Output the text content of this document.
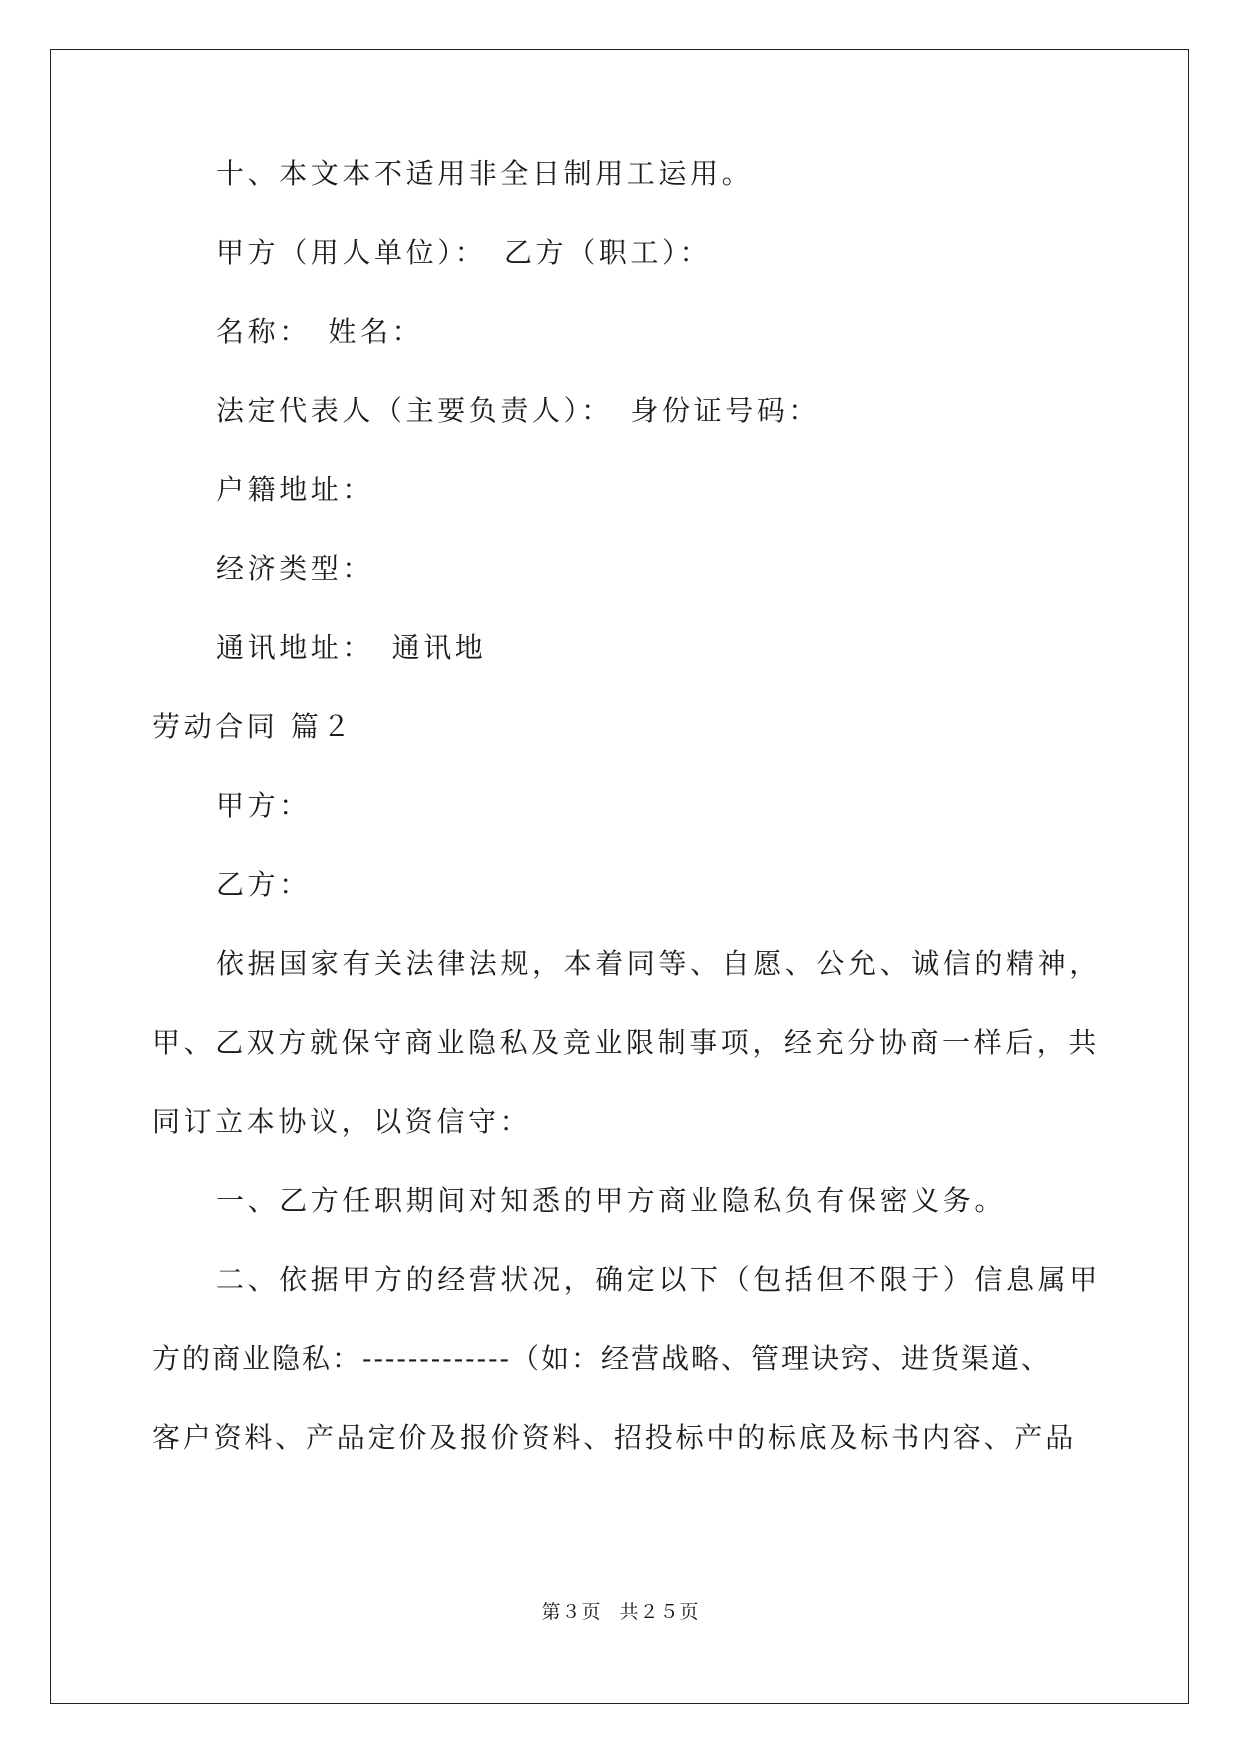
十、本文本不适用非全日制用工运用。
甲方（用人单位）：　乙方（职工）：
名称：　姓名：
法定代表人（主要负责人）：　身份证号码：
户籍地址：
经济类型：
通讯地址：　通讯地
劳动合同 篇２
甲方：
乙方：
依据国家有关法律法规，本着同等、自愿、公允、诚信的精神，
甲、乙双方就保守商业隐私及竞业限制事项，经充分协商一样后，共
同订立本协议，以资信守：
一、乙方任职期间对知悉的甲方商业隐私负有保密义务。
二、依据甲方的经营状况，确定以下（包括但不限于）信息属甲
方的商业隐私：-------------（如：经营战略、管理诀窍、进货渠道、
客户资料、产品定价及报价资料、招投标中的标底及标书内容、产品
第３页 共２５页
